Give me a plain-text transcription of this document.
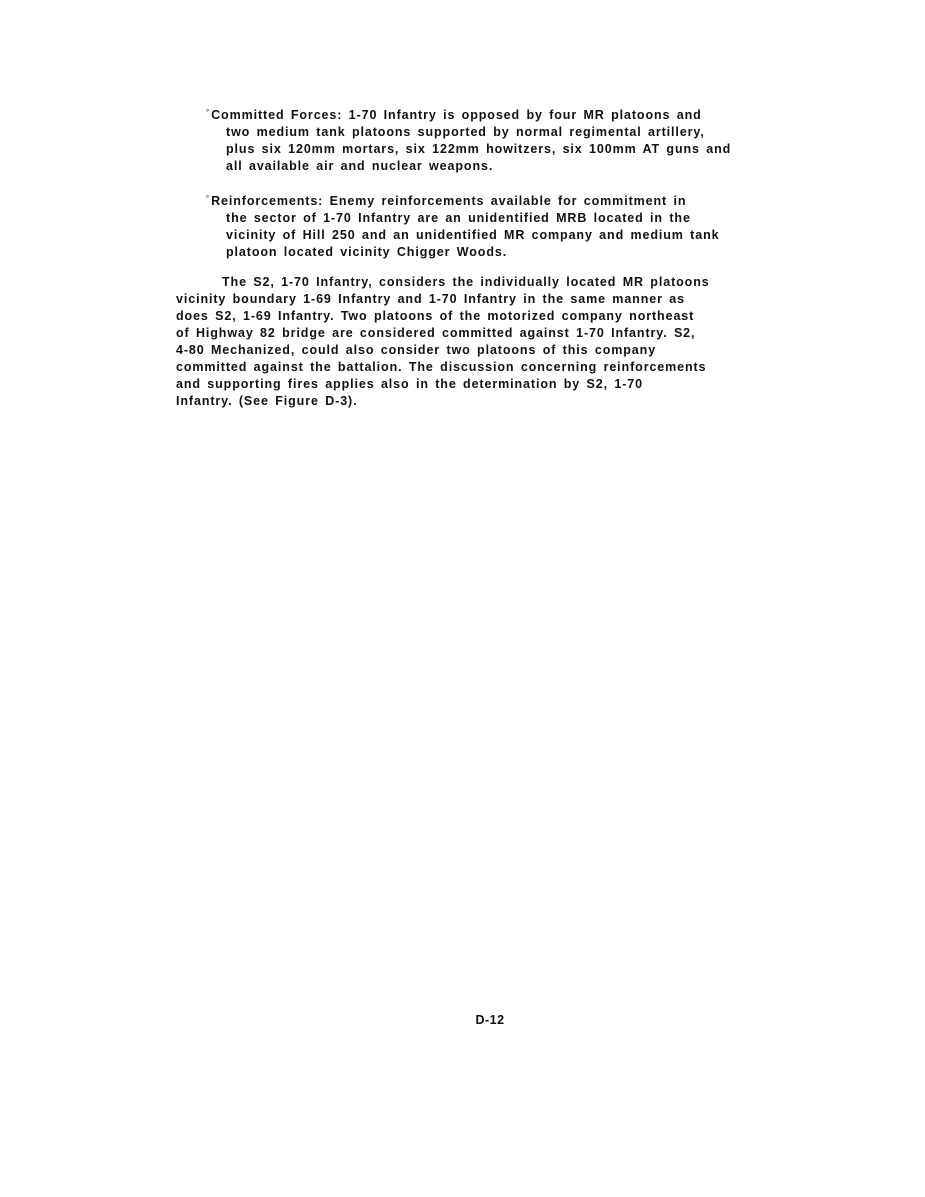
°Committed Forces: 1-70 Infantry is opposed by four MR platoons and
two medium tank platoons supported by normal regimental artillery,
plus six 120mm mortars, six 122mm howitzers, six 100mm AT guns and
all available air and nuclear weapons.
°Reinforcements: Enemy reinforcements available for commitment in
the sector of 1-70 Infantry are an unidentified MRB located in the
vicinity of Hill 250 and an unidentified MR company and medium tank
platoon located vicinity Chigger Woods.
The S2, 1-70 Infantry, considers the individually located MR platoons
vicinity boundary 1-69 Infantry and 1-70 Infantry in the same manner as
does S2, 1-69 Infantry. Two platoons of the motorized company northeast
of Highway 82 bridge are considered committed against 1-70 Infantry. S2,
4-80 Mechanized, could also consider two platoons of this company
committed against the battalion. The discussion concerning reinforcements
and supporting fires applies also in the determination by S2, 1-70
Infantry. (See Figure D-3).
D-12
